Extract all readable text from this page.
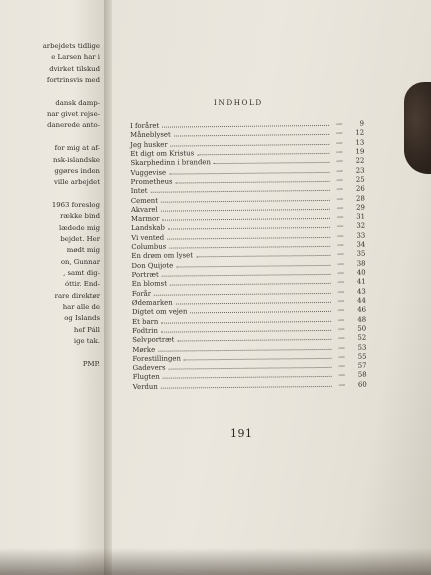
arbejdets tidlige
e Larsen har i
dvirket tilskud
fortrinsvis med
dansk damp-
nar givet rejse-
danerede anto-
for mig at af-
nsk-islandske
ggøres inden
ville arbejdet
1963 foreslog
række bind
lædede mig
bejdet. Her
mødt mig
on, Gunnar
, samt dig-
óttir. End-
rare direktør
har alle de
og Islands
hef Páll
ige tak.
PMP.
INDHOLD
I foråret	—	9
Måneblyset	—	12
Jeg husker	—	13
Et digt om Kristus	—	19
Skarphedinn i branden	—	22
Vuggevise	—	23
Prometheus	—	25
Intet	—	26
Cement	—	28
Akvarel	—	29
Marmor	—	31
Landskab	—	32
Vi vented	—	33
Columbus	—	34
En drøm om lyset	—	35
Don Quijote	—	38
Portræt	—	40
En blomst	—	41
Forår	—	43
Ødemarken	—	44
Digtet om vejen	—	46
Et barn	—	48
Fodtrin	—	50
Selvportræt	—	52
Mørke	—	53
Forestillingen	—	55
Gadevers	—	57
Flugten	—	58
Verdun	—	60
191
